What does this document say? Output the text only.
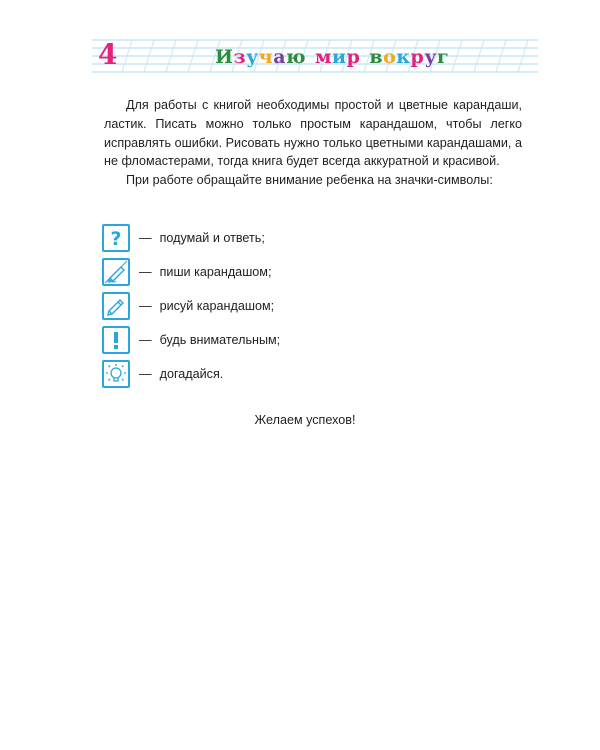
4	Изучаю мир вокруг

Для работы с книгой необходимы простой и цветные карандаши, ластик. Писать можно только простым карандашом, чтобы легко исправлять ошибки. Рисовать нужно только цветными карандашами, а не фломастерами, тогда книга будет всегда аккуратной и красивой.

При работе обращайте внимание ребенка на значки-символы:

? — подумай и ответь;
— пиши карандашом;
— рисуй карандашом;
— будь внимательным;
— догадайся.
Желаем успехов!
